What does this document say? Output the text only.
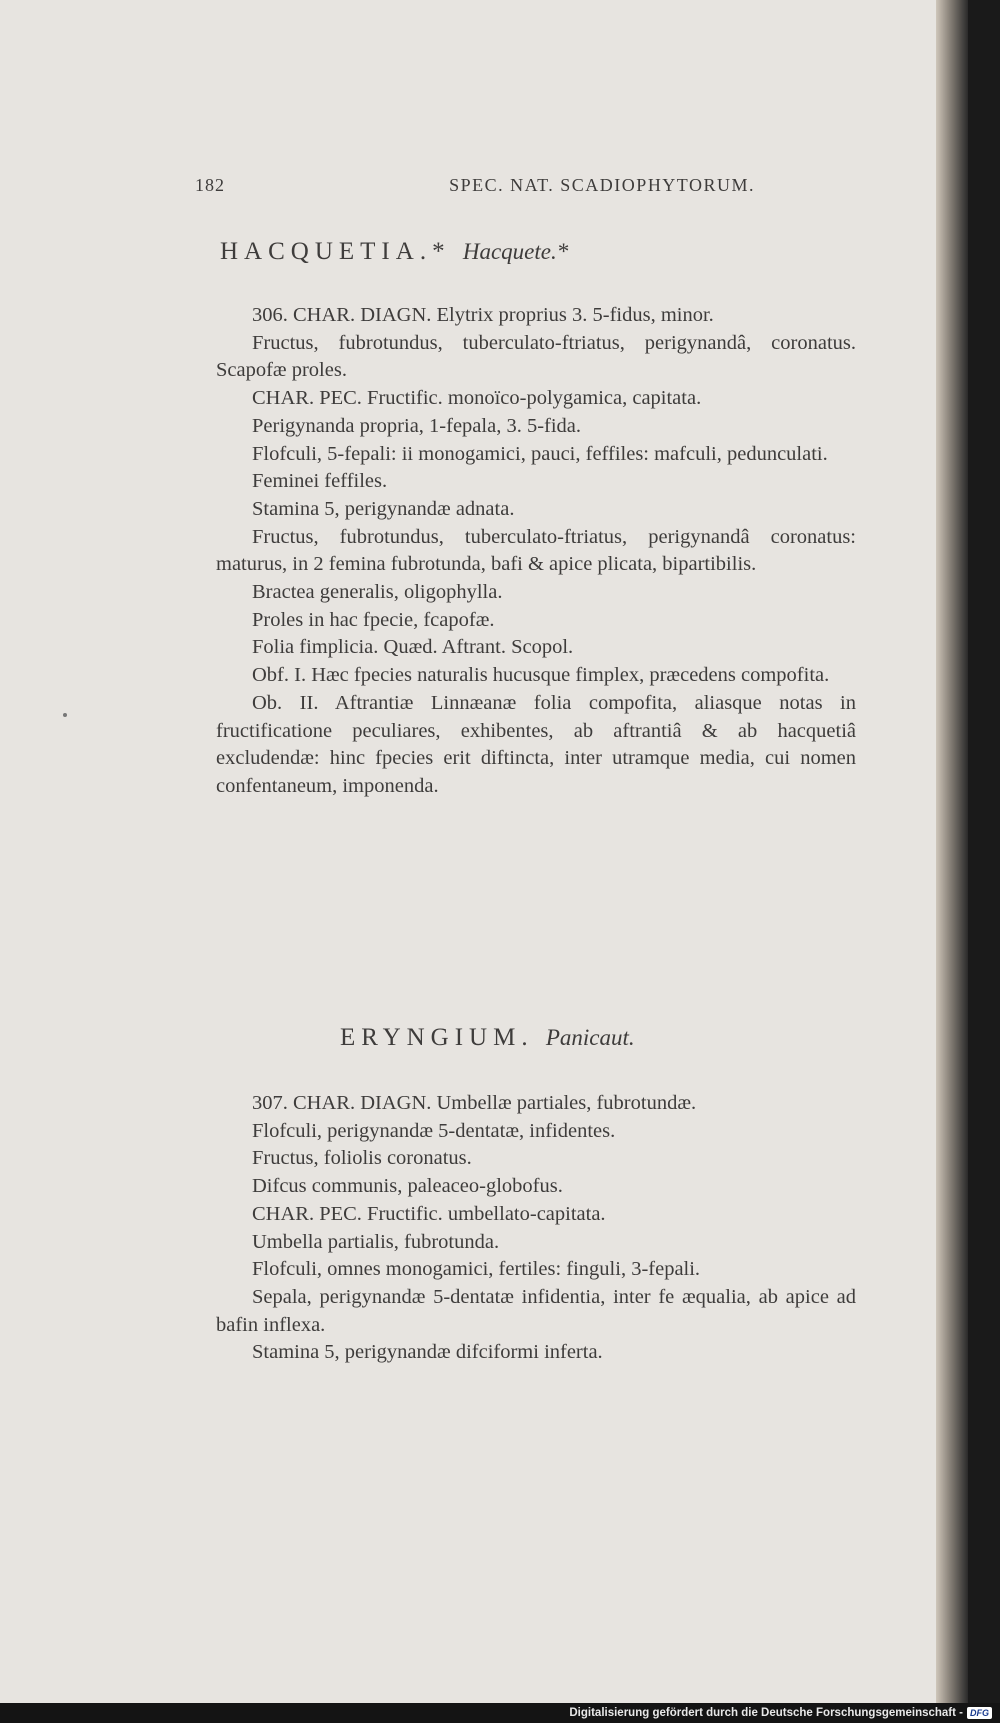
182	SPEC. NAT. SCADIOPHYTORUM.
HACQUETIA.* Hacquete.*

306. CHAR. DIAGN. Elytrix proprius 3. 5-fidus, minor.

Fructus, fubrotundus, tuberculato-ftriatus, perigynandâ, coronatus. Scapofæ proles.

CHAR. PEC. Fructific. monoïco-polygamica, capitata.

Perigynanda propria, 1-fepala, 3. 5-fida.

Flofculi, 5-fepali: ii monogamici, pauci, feffiles: mafculi, pedunculati.

Feminei feffiles.

Stamina 5, perigynandæ adnata.

Fructus, fubrotundus, tuberculato-ftriatus, perigynandâ coronatus: maturus, in 2 femina fubrotunda, bafi & apice plicata, bipartibilis.

Bractea generalis, oligophylla.

Proles in hac fpecie, fcapofæ.

Folia fimplicia. Quæd. Aftrant. Scopol.

Obf. I. Hæc fpecies naturalis hucusque fimplex, præcedens compofita.

Ob. II. Aftrantiæ Linnæanæ folia compofita, aliasque notas in fructificatione peculiares, exhibentes, ab aftrantiâ & ab hacquetiâ excludendæ: hinc fpecies erit diftincta, inter utramque media, cui nomen confentaneum, imponenda.

ERYNGIUM. Panicaut.

307. CHAR. DIAGN. Umbellæ partiales, fubrotundæ.

Flofculi, perigynandæ 5-dentatæ, infidentes.

Fructus, foliolis coronatus.

Difcus communis, paleaceo-globofus.

CHAR. PEC. Fructific. umbellato-capitata.

Umbella partialis, fubrotunda.

Flofculi, omnes monogamici, fertiles: finguli, 3-fepali.

Sepala, perigynandæ 5-dentatæ infidentia, inter fe æqualia, ab apice ad bafin inflexa.

Stamina 5, perigynandæ difciformi inferta.

Digitalisierung gefördert durch die Deutsche Forschungsgemeinschaft - DFG
